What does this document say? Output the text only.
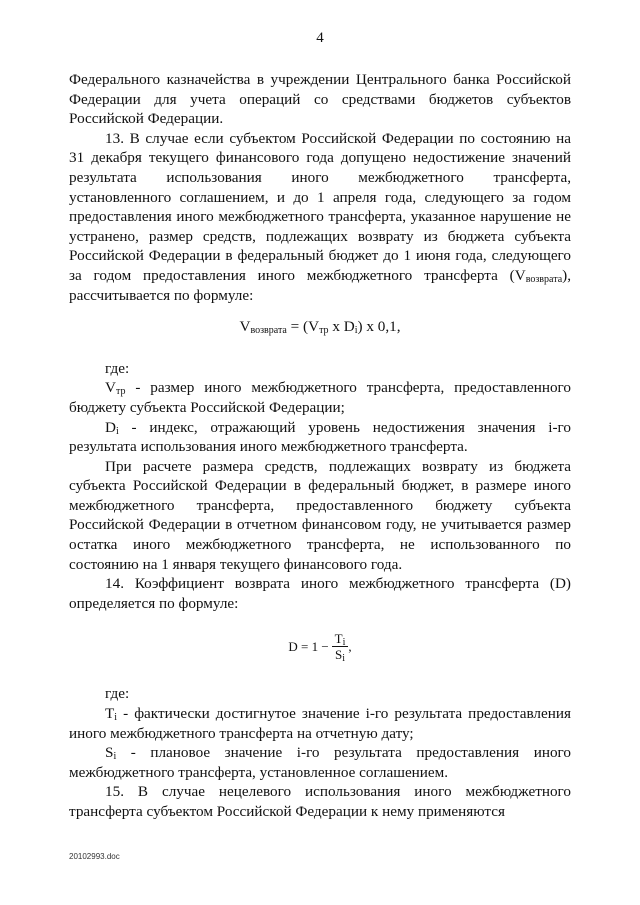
4

Федерального казначейства в учреждении Центрального банка Российской Федерации для учета операций со средствами бюджетов субъектов Российской Федерации.

13. В случае если субъектом Российской Федерации по состоянию на 31 декабря текущего финансового года допущено недостижение значений результата использования иного межбюджетного трансферта, установленного соглашением, и до 1 апреля года, следующего за годом предоставления иного межбюджетного трансферта, указанное нарушение не устранено, размер средств, подлежащих возврату из бюджета субъекта Российской Федерации в федеральный бюджет до 1 июня года, следующего за годом предоставления иного межбюджетного трансферта $(V_{возврата})$, рассчитывается по формуле:

$V_{возврата} = (V_{тр}$ x $D_i$) x 0,1,

где:

$V_{тр}$ - размер иного межбюджетного трансферта, предоставленного бюджету субъекта Российской Федерации;

$D_i$ - индекс, отражающий уровень недостижения значения i-го результата использования иного межбюджетного трансферта.

При расчете размера средств, подлежащих возврату из бюджета субъекта Российской Федерации в федеральный бюджет, в размере иного межбюджетного трансферта, предоставленного бюджету субъекта Российской Федерации в отчетном финансовом году, не учитывается размер остатка иного межбюджетного трансферта, не использованного по состоянию на 1 января текущего финансового года.

14. Коэффициент возврата иного межбюджетного трансферта (D) определяется по формуле:

$D = 1 - \frac{T_i}{S_i}$ ,

где:

$T_i$ - фактически достигнутое значение i-го результата предоставления иного межбюджетного трансферта на отчетную дату;

$S_i$ - плановое значение i-го результата предоставления иного межбюджетного трансферта, установленное соглашением.

15. В случае нецелевого использования иного межбюджетного трансферта субъектом Российской Федерации к нему применяются

20102993.doc
